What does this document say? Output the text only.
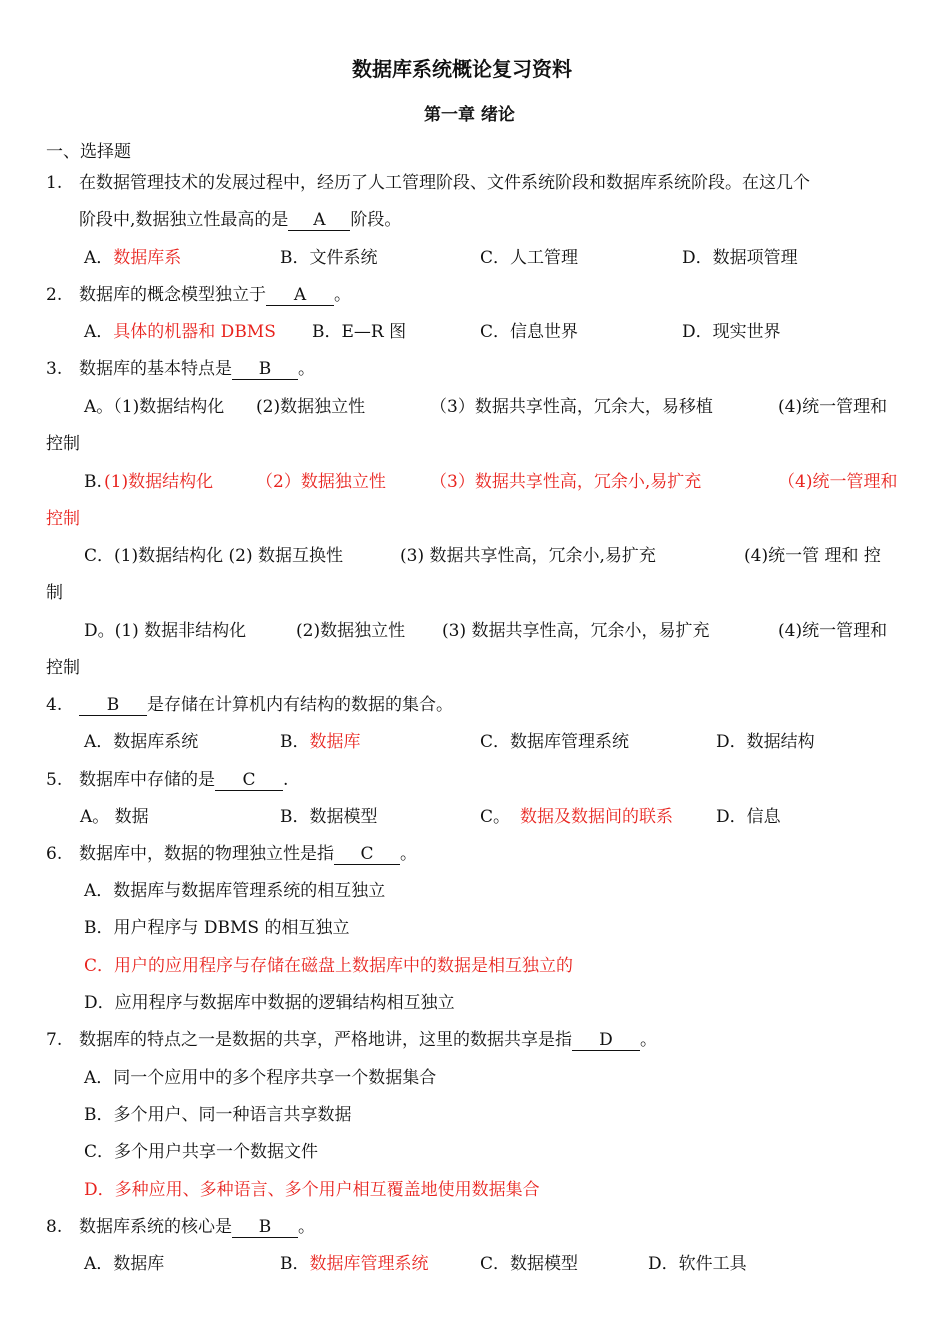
数据库系统概论复习资料
第一章 绪论
一、选择题
1. 在数据管理技术的发展过程中，经历了人工管理阶段、文件系统阶段和数据库系统阶段。在这几个
阶段中,数据独立性最高的是 A 阶段。
A．数据库系	B．文件系统	C．人工管理	D．数据项管理
2. 数据库的概念模型独立于 A 。
A．具体的机器和 DBMS B．E—R 图	C．信息世界	D．现实世界
3. 数据库的基本特点是 B 。
A。（1)数据结构化 (2)数据独立性	（3）数据共享性高，冗余大，易移植	(4)统一管理和
控制
B. (1)数据结构化	（2）数据独立性	（3）数据共享性高，冗余小,易扩充	（4)统一管理和
控制
C．(1)数据结构化 (2) 数据互换性	(3) 数据共享性高，冗余小,易扩充	(4)统一管 理和 控
制
D。(1) 数据非结构化	(2)数据独立性 (3) 数据共享性高，冗余小，易扩充	(4)统一管理和
控制
4.	B 是存储在计算机内有结构的数据的集合。
A．数据库系统	B．数据库	C．数据库管理系统	D．数据结构
5. 数据库中存储的是 C .
A。 数据	B．数据模型	C。 数据及数据间的联系	D．信息
6. 数据库中，数据的物理独立性是指 C 。
A．数据库与数据库管理系统的相互独立
B．用户程序与 DBMS 的相互独立
C．用户的应用程序与存储在磁盘上数据库中的数据是相互独立的
D．应用程序与数据库中数据的逻辑结构相互独立
7. 数据库的特点之一是数据的共享，严格地讲，这里的数据共享是指 D 。
A．同一个应用中的多个程序共享一个数据集合
B．多个用户、同一种语言共享数据
C．多个用户共享一个数据文件
D．多种应用、多种语言、多个用户相互覆盖地使用数据集合
8. 数据库系统的核心是 B 。
A．数据库	B．数据库管理系统	C．数据模型	D．软件工具
